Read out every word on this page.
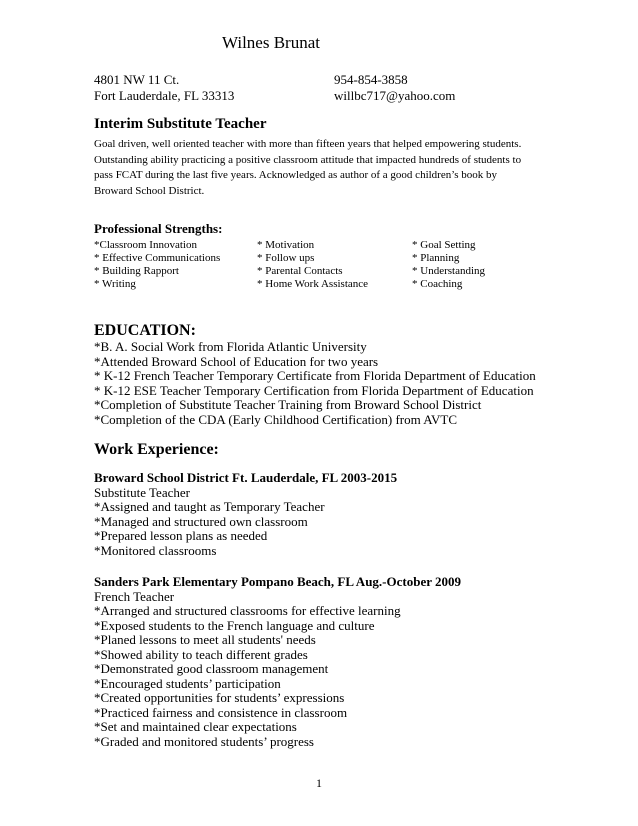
Wilnes Brunat
4801 NW 11 Ct.
Fort Lauderdale, FL 33313
954-854-3858
willbc717@yahoo.com
Interim Substitute Teacher
Goal driven, well oriented teacher with more than fifteen years that helped empowering students.
Outstanding ability practicing a positive classroom attitude that impacted hundreds of students to
pass FCAT during the last five years. Acknowledged as author of a good children’s book by
Broward School District.
Professional Strengths:
*Classroom Innovation
* Effective Communications
* Building Rapport
* Writing
* Motivation
* Follow ups
* Parental Contacts
* Home Work Assistance
* Goal Setting
* Planning
* Understanding
* Coaching
EDUCATION:
*B. A. Social Work from Florida Atlantic University
*Attended Broward School of Education for two years
* K-12 French Teacher Temporary Certificate from Florida Department of Education
* K-12 ESE Teacher Temporary Certification from Florida Department of Education
*Completion of Substitute Teacher Training from Broward School District
*Completion of the CDA (Early Childhood Certification) from AVTC
Work Experience:
Broward School District Ft. Lauderdale, FL 2003-2015
Substitute Teacher
*Assigned and taught as Temporary Teacher
*Managed and structured own classroom
*Prepared lesson plans as needed
*Monitored classrooms
Sanders Park Elementary Pompano Beach, FL Aug.-October 2009
French Teacher
*Arranged and structured classrooms for effective learning
*Exposed students to the French language and culture
*Planed lessons to meet all students' needs
*Showed ability to teach different grades
*Demonstrated good classroom management
*Encouraged students’ participation
*Created opportunities for students’ expressions
*Practiced fairness and consistence in classroom
*Set and maintained clear expectations
*Graded and monitored students’ progress
1
